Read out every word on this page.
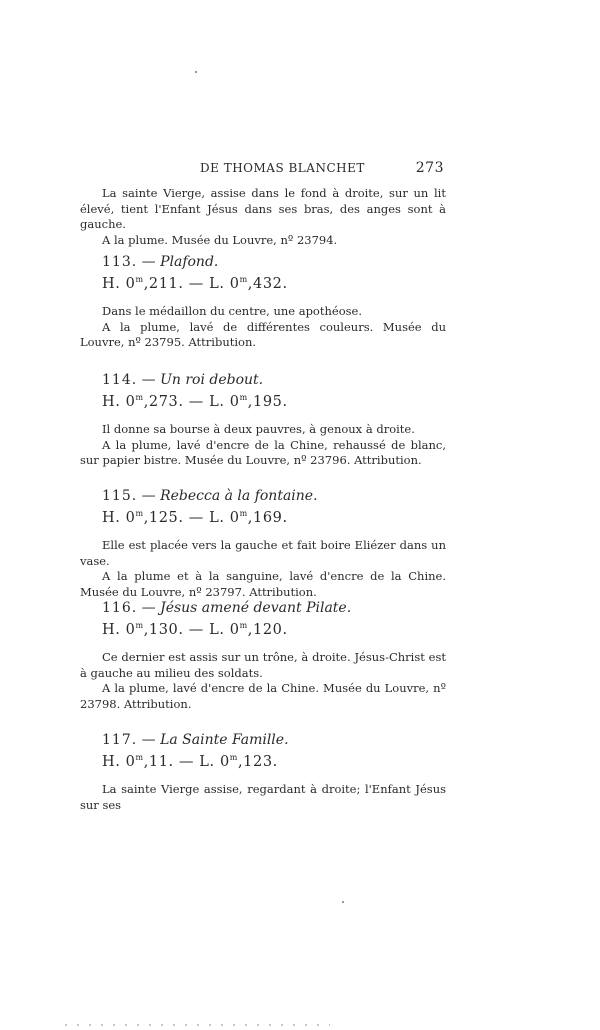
DE THOMAS BLANCHET	273

La sainte Vierge, assise dans le fond à droite, sur un lit élevé, tient l'Enfant Jésus dans ses bras, des anges sont à gauche.

A la plume. Musée du Louvre, nº 23794.

113. — Plafond.

H. 0$^m$,211. — L. 0$^m$,432.

Dans le médaillon du centre, une apothéose.

A la plume, lavé de différentes couleurs. Musée du Louvre, nº 23795. Attribution.

114. — Un roi debout.

H. 0$^m$,273. — L. 0$^m$,195.

Il donne sa bourse à deux pauvres, à genoux à droite.

A la plume, lavé d'encre de la Chine, rehaussé de blanc, sur papier bistre. Musée du Louvre, nº 23796. Attribution.

115. — Rebecca à la fontaine.

H. 0$^m$,125. — L. 0$^m$,169.

Elle est placée vers la gauche et fait boire Eliézer dans un vase.

A la plume et à la sanguine, lavé d'encre de la Chine. Musée du Louvre, nº 23797. Attribution.

116. — Jésus amené devant Pilate.

H. 0$^m$,130. — L. 0$^m$,120.

Ce dernier est assis sur un trône, à droite. Jésus-Christ est à gauche au milieu des soldats.

A la plume, lavé d'encre de la Chine. Musée du Louvre, nº 23798. Attribution.

117. — La Sainte Famille.

H. 0$^m$,11. — L. 0$^m$,123.

La sainte Vierge assise, regardant à droite; l'Enfant Jésus sur ses
